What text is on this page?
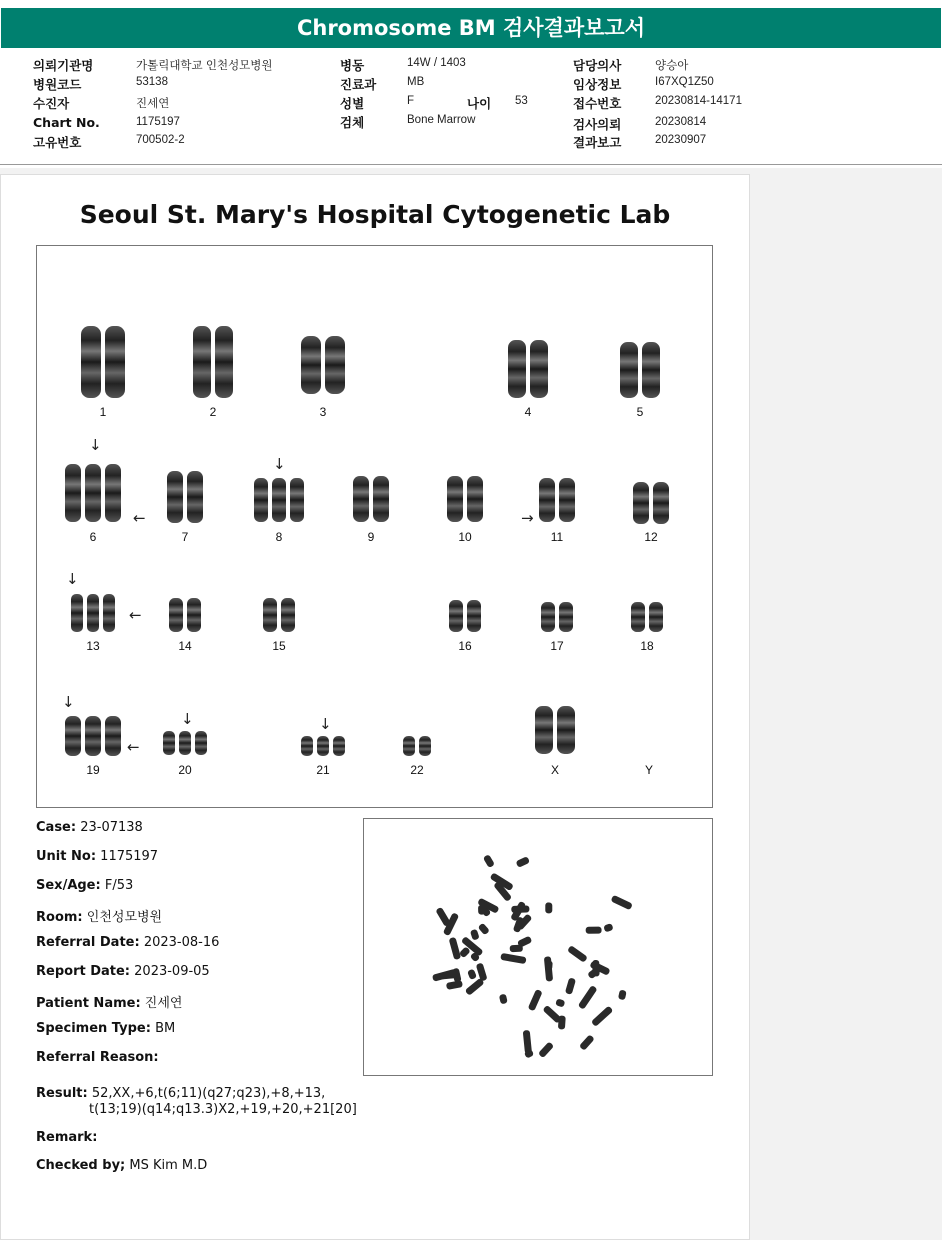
Chromosome BM 검사결과보고서
의뢰기관명	가톨릭대학교 인천성모병원
병원코드	53138
수진자	진세연
Chart No.	1175197
고유번호	700502-2
병동	14W / 1403
진료과	MB
성별	F	나이 53
검체	Bone Marrow
담당의사	양승아
임상정보	I67XQ1Z50
접수번호	20230814-14171
검사의뢰	20230814
결과보고	20230907
Seoul St. Mary's Hospital Cytogenetic Lab
1	2	3	4	5
6	7	8	9	10	11	12
13	14	15	16	17	18
19	20	21	22	X	Y
↓
←
↓
→
↓
←
↓
↓
←
↓
Case: 23-07138
Unit No: 1175197
Sex/Age: F/53
Room: 인천성모병원
Referral Date: 2023-08-16
Report Date: 2023-09-05
Patient Name: 진세연
Specimen Type: BM
Referral Reason:
Result: 52,XX,+6,t(6;11)(q27;q23),+8,+13,
t(13;19)(q14;q13.3)X2,+19,+20,+21[20]
Remark:
Checked by; MS Kim M.D
